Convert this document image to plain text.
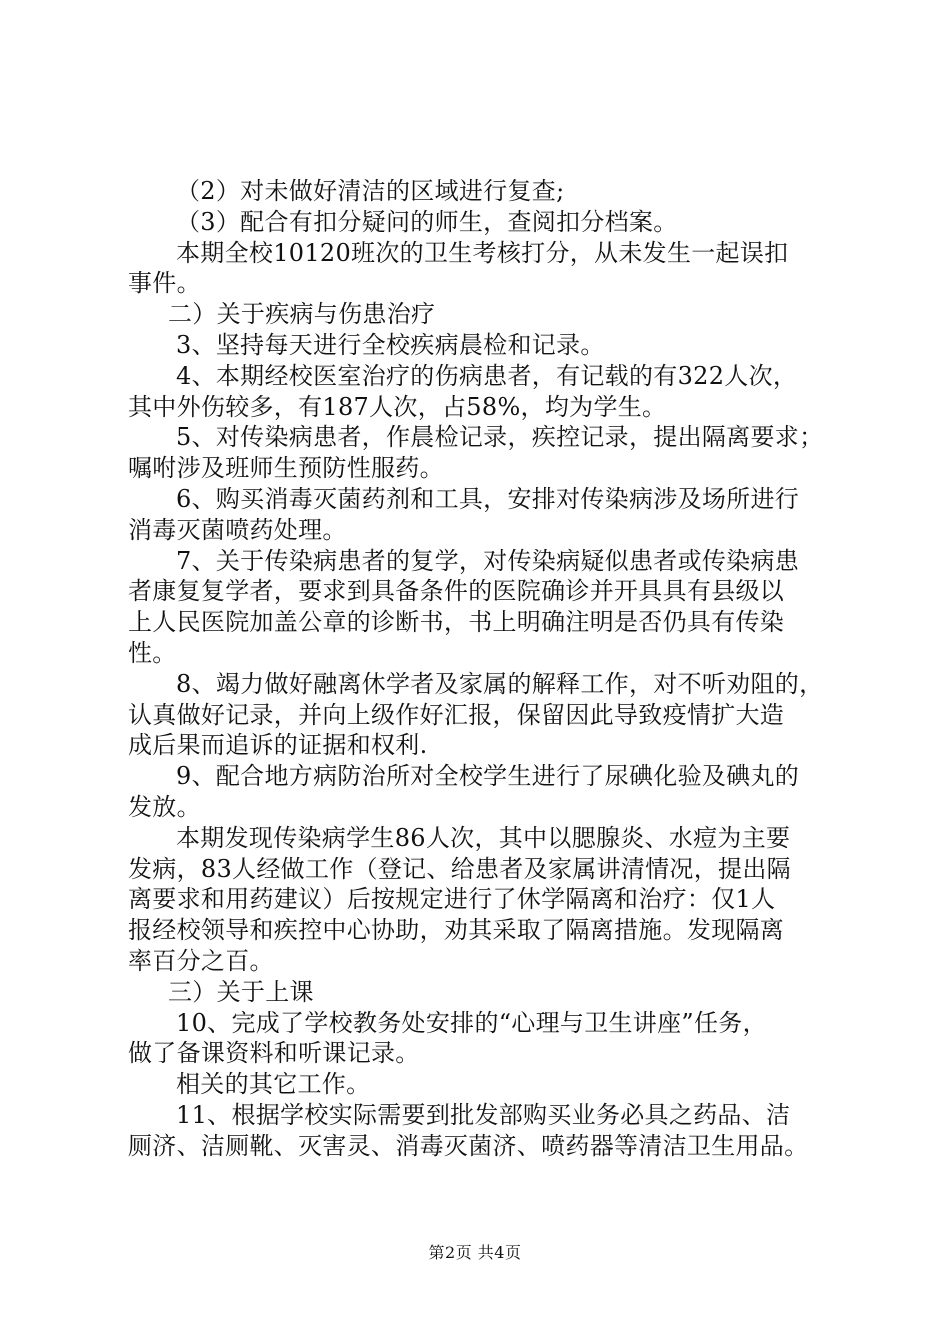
（2）对未做好清洁的区域进行复查;
（3）配合有扣分疑问的师生，查阅扣分档案。
本期全校10120班次的卫生考核打分，从未发生一起误扣
事件。
二）关于疾病与伤患治疗
3、坚持每天进行全校疾病晨检和记录。
4、本期经校医室治疗的伤病患者，有记载的有322人次，
其中外伤较多，有187人次，占58%，均为学生。
5、对传染病患者，作晨检记录，疾控记录，提出隔离要求；
嘱咐涉及班师生预防性服药。
6、购买消毒灭菌药剂和工具，安排对传染病涉及场所进行
消毒灭菌喷药处理。
7、关于传染病患者的复学，对传染病疑似患者或传染病患
者康复复学者，要求到具备条件的医院确诊并开具具有县级以
上人民医院加盖公章的诊断书，书上明确注明是否仍具有传染
性。
8、竭力做好融离休学者及家属的解释工作，对不听劝阻的，
认真做好记录，并向上级作好汇报，保留因此导致疫情扩大造
成后果而追诉的证据和权利.
9、配合地方病防治所对全校学生进行了尿碘化验及碘丸的
发放。
本期发现传染病学生86人次，其中以腮腺炎、水痘为主要
发病，83人经做工作（登记、给患者及家属讲清情况，提出隔
离要求和用药建议）后按规定进行了休学隔离和治疗：仅1人
报经校领导和疾控中心协助，劝其采取了隔离措施。发现隔离
率百分之百。
三）关于上课
10、完成了学校教务处安排的“心理与卫生讲座”任务，
做了备课资料和听课记录。
相关的其它工作。
11、根据学校实际需要到批发部购买业务必具之药品、洁
厕济、洁厕靴、灭害灵、消毒灭菌济、喷药器等清洁卫生用品。
第2页 共4页
